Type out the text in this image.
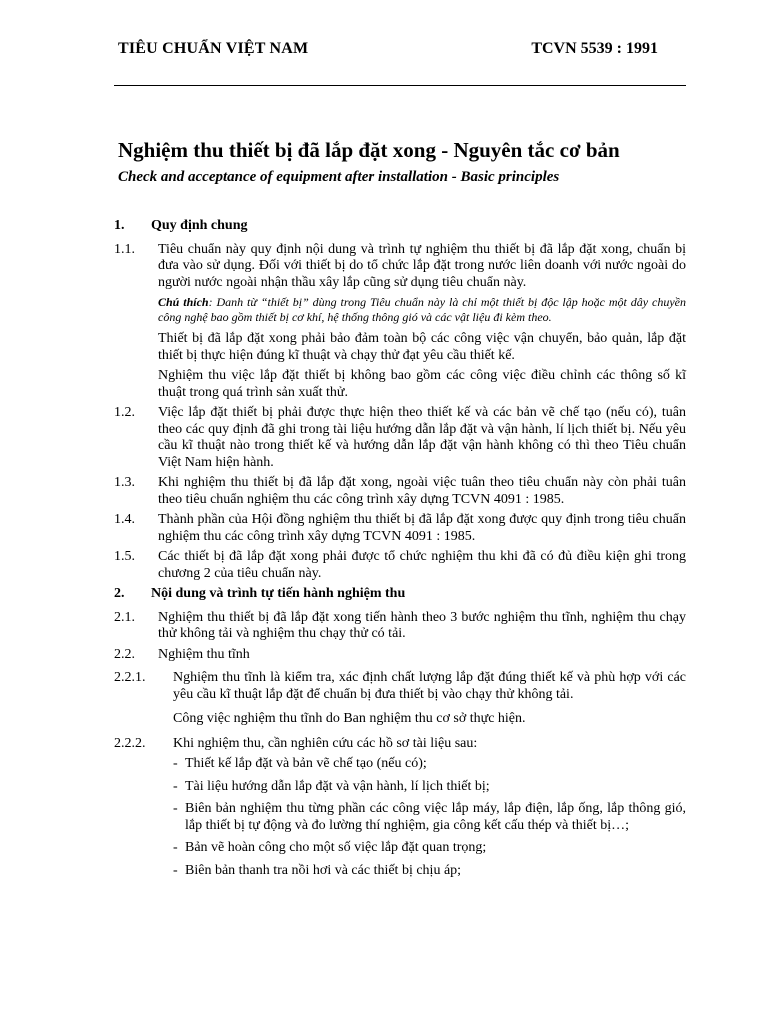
TIÊU CHUẨN VIỆT NAM	TCVN 5539 : 1991
Nghiệm thu thiết bị đã lắp đặt xong - Nguyên tắc cơ bản
Check and acceptance of equipment after installation - Basic principles
1.	Quy định chung
1.1.	Tiêu chuẩn này quy định nội dung và trình tự nghiệm thu thiết bị đã lắp đặt xong, chuẩn bị đưa vào sử dụng. Đối với thiết bị do tổ chức lắp đặt trong nước liên doanh với nước ngoài do người nước ngoài nhận thầu xây lắp cũng sử dụng tiêu chuẩn này.
Chú thích: Danh từ “thiết bị” dùng trong Tiêu chuẩn này là chỉ một thiết bị độc lập hoặc một dây chuyền công nghệ bao gồm thiết bị cơ khí, hệ thống thông gió và các vật liệu đi kèm theo.
Thiết bị đã lắp đặt xong phải bảo đảm toàn bộ các công việc vận chuyển, bảo quản, lắp đặt thiết bị thực hiện đúng kĩ thuật và chạy thử đạt yêu cầu thiết kế.
Nghiệm thu việc lắp đặt thiết bị không bao gồm các công việc điều chỉnh các thông số kĩ thuật trong quá trình sản xuất thử.
1.2.	Việc lắp đặt thiết bị phải được thực hiện theo thiết kế và các bản vẽ chế tạo (nếu có), tuân theo các quy định đã ghi trong tài liệu hướng dẫn lắp đặt và vận hành, lí lịch thiết bị. Nếu yêu cầu kĩ thuật nào trong thiết kế và hướng dẫn lắp đặt vận hành không có thì theo Tiêu chuẩn Việt Nam hiện hành.
1.3.	Khi nghiệm thu thiết bị đã lắp đặt xong, ngoài việc tuân theo tiêu chuẩn này còn phải tuân theo tiêu chuẩn nghiệm thu các công trình xây dựng TCVN 4091 : 1985.
1.4.	Thành phần của Hội đồng nghiệm thu thiết bị đã lắp đặt xong được quy định trong tiêu chuẩn nghiệm thu các công trình xây dựng TCVN 4091 : 1985.
1.5.	Các thiết bị đã lắp đặt xong phải được tổ chức nghiệm thu khi đã có đủ điều kiện ghi trong chương 2 của tiêu chuẩn này.
2.	Nội dung và trình tự tiến hành nghiệm thu
2.1.	Nghiệm thu thiết bị đã lắp đặt xong tiến hành theo 3 bước nghiệm thu tĩnh, nghiệm thu chạy thử không tải và nghiệm thu chạy thử có tải.
2.2.	Nghiệm thu tĩnh
2.2.1.	Nghiệm thu tĩnh là kiểm tra, xác định chất lượng lắp đặt đúng thiết kế và phù hợp với các yêu cầu kĩ thuật lắp đặt để chuẩn bị đưa thiết bị vào chạy thử không tải.
Công việc nghiệm thu tĩnh do Ban nghiệm thu cơ sở thực hiện.
2.2.2.	Khi nghiệm thu, cần nghiên cứu các hồ sơ tài liệu sau:
- Thiết kế lắp đặt và bản vẽ chế tạo (nếu có);
- Tài liệu hướng dẫn lắp đặt và vận hành, lí lịch thiết bị;
- Biên bản nghiệm thu từng phần các công việc lắp máy, lắp điện, lắp ống, lắp thông gió, lắp thiết bị tự động và đo lường thí nghiệm, gia công kết cấu thép và thiết bị…;
- Bản vẽ hoàn công cho một số việc lắp đặt quan trọng;
- Biên bản thanh tra nồi hơi và các thiết bị chịu áp;
